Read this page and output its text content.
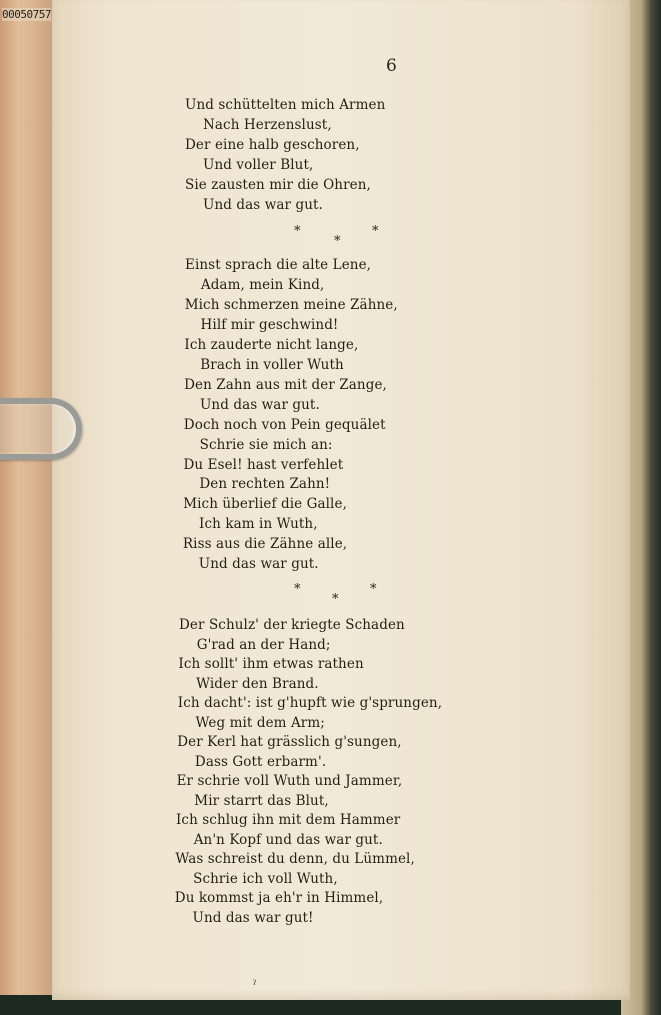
6
Und schüttelten mich Armen
Nach Herzenslust,
Der eine halb geschoren,
Und voller Blut,
Sie zausten mir die Ohren,
Und das war gut.
Einst sprach die alte Lene,
Adam, mein Kind,
Mich schmerzen meine Zähne,
Hilf mir geschwind!
Ich zauderte nicht lange,
Brach in voller Wuth
Den Zahn aus mit der Zange,
Und das war gut.
Doch noch von Pein gequälet
Schrie sie mich an:
Du Esel! hast verfehlet
Den rechten Zahn!
Mich überlief die Galle,
Ich kam in Wuth,
Riss aus die Zähne alle,
Und das war gut.
Der Schulz' der kriegte Schaden
G'rad an der Hand;
Ich sollt' ihm etwas rathen
Wider den Brand.
Ich dacht': ist g'hupft wie g'sprungen,
Weg mit dem Arm;
Der Kerl hat grässlich g'sungen,
Dass Gott erbarm'.
Er schrie voll Wuth und Jammer,
Mir starrt das Blut,
Ich schlug ihn mit dem Hammer
An'n Kopf und das war gut.
Was schreist du denn, du Lümmel,
Schrie ich voll Wuth,
Du kommst ja eh'r in Himmel,
Und das war gut!
*
*
*
*
*
*
ˀ
00050757
